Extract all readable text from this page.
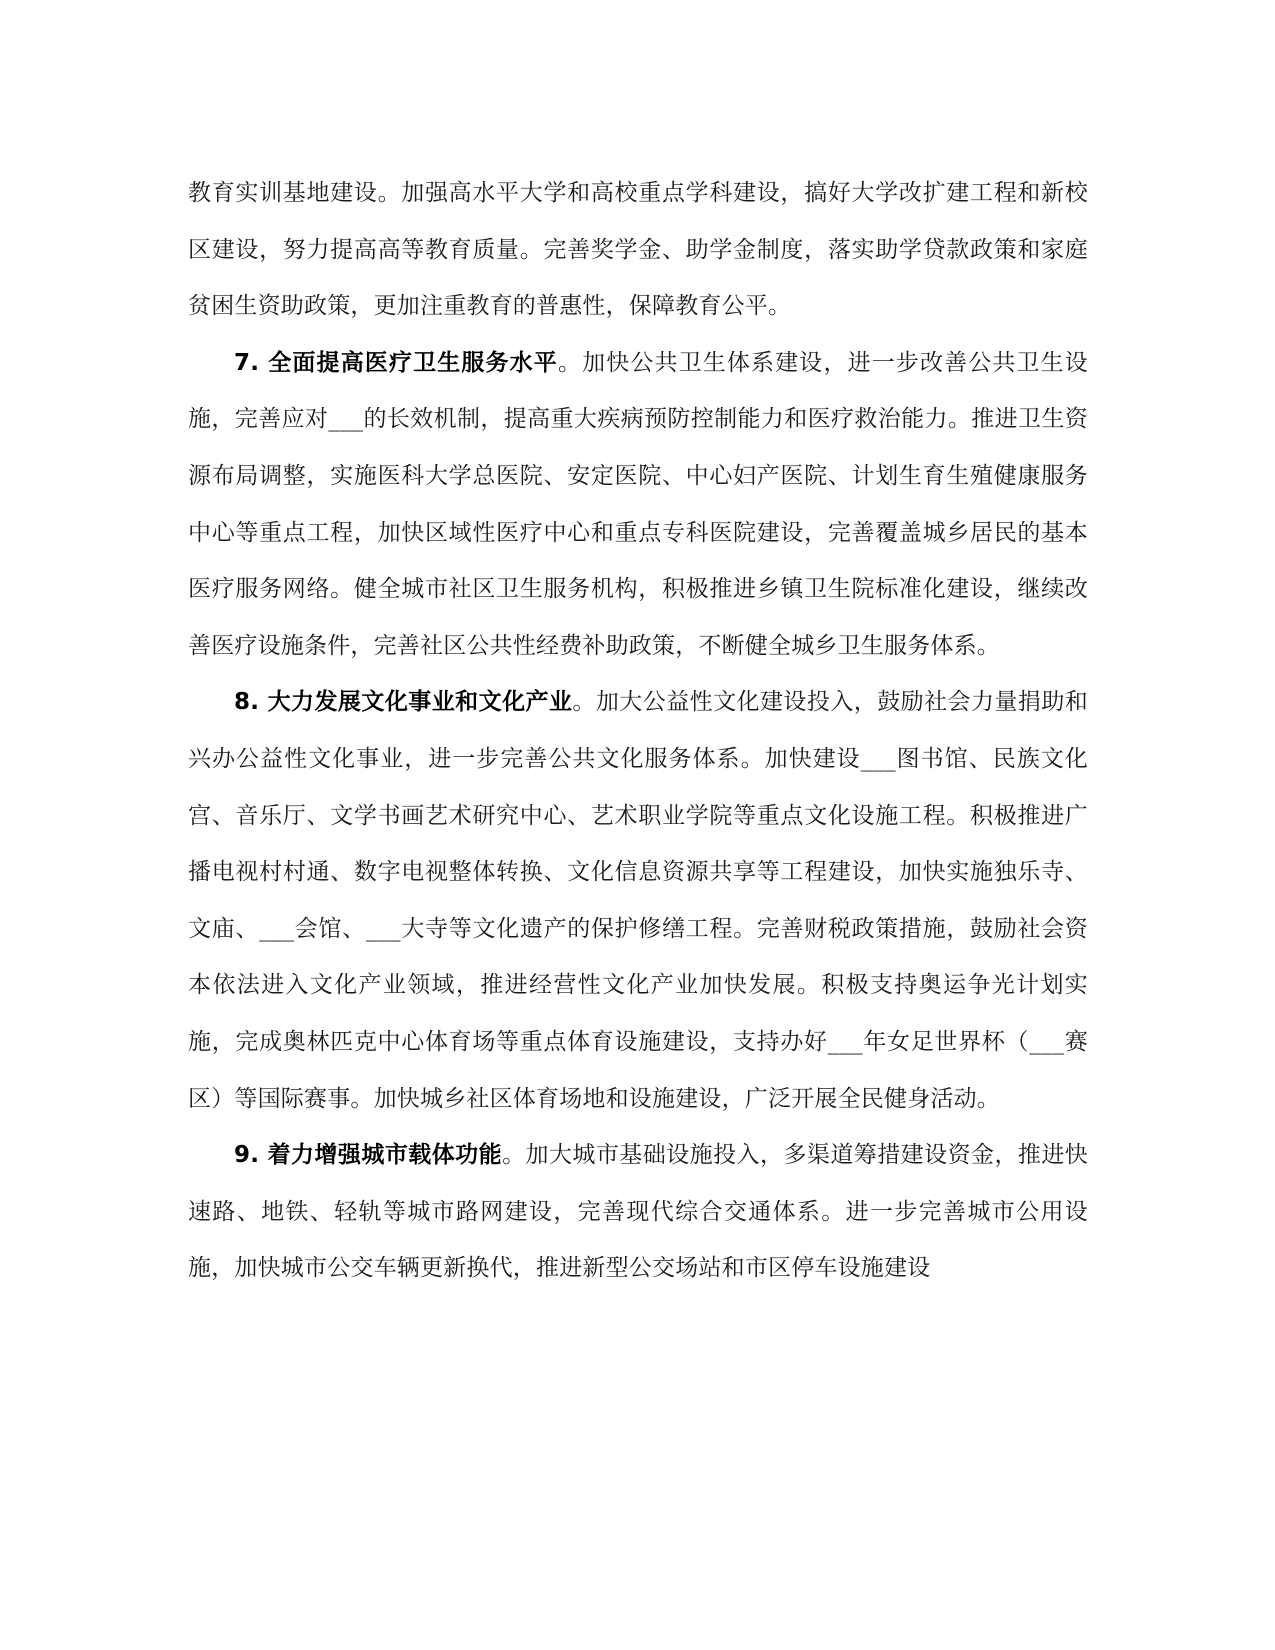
教育实训基地建设。加强高水平大学和高校重点学科建设，搞好大学改扩建工程和新校区建设，努力提高高等教育质量。完善奖学金、助学金制度，落实助学贷款政策和家庭贫困生资助政策，更加注重教育的普惠性，保障教育公平。

7. 全面提高医疗卫生服务水平。加快公共卫生体系建设，进一步改善公共卫生设施，完善应对___的长效机制，提高重大疾病预防控制能力和医疗救治能力。推进卫生资源布局调整，实施医科大学总医院、安定医院、中心妇产医院、计划生育生殖健康服务中心等重点工程，加快区域性医疗中心和重点专科医院建设，完善覆盖城乡居民的基本医疗服务网络。健全城市社区卫生服务机构，积极推进乡镇卫生院标准化建设，继续改善医疗设施条件，完善社区公共性经费补助政策，不断健全城乡卫生服务体系。

8. 大力发展文化事业和文化产业。加大公益性文化建设投入，鼓励社会力量捐助和兴办公益性文化事业，进一步完善公共文化服务体系。加快建设___图书馆、民族文化宫、音乐厅、文学书画艺术研究中心、艺术职业学院等重点文化设施工程。积极推进广播电视村村通、数字电视整体转换、文化信息资源共享等工程建设，加快实施独乐寺、文庙、___会馆、___大寺等文化遗产的保护修缮工程。完善财税政策措施，鼓励社会资本依法进入文化产业领域，推进经营性文化产业加快发展。积极支持奥运争光计划实施，完成奥林匹克中心体育场等重点体育设施建设，支持办好___年女足世界杯（___赛区）等国际赛事。加快城乡社区体育场地和设施建设，广泛开展全民健身活动。

9. 着力增强城市载体功能。加大城市基础设施投入，多渠道筹措建设资金，推进快速路、地铁、轻轨等城市路网建设，完善现代综合交通体系。进一步完善城市公用设施，加快城市公交车辆更新换代，推进新型公交场站和市区停车设施建设
